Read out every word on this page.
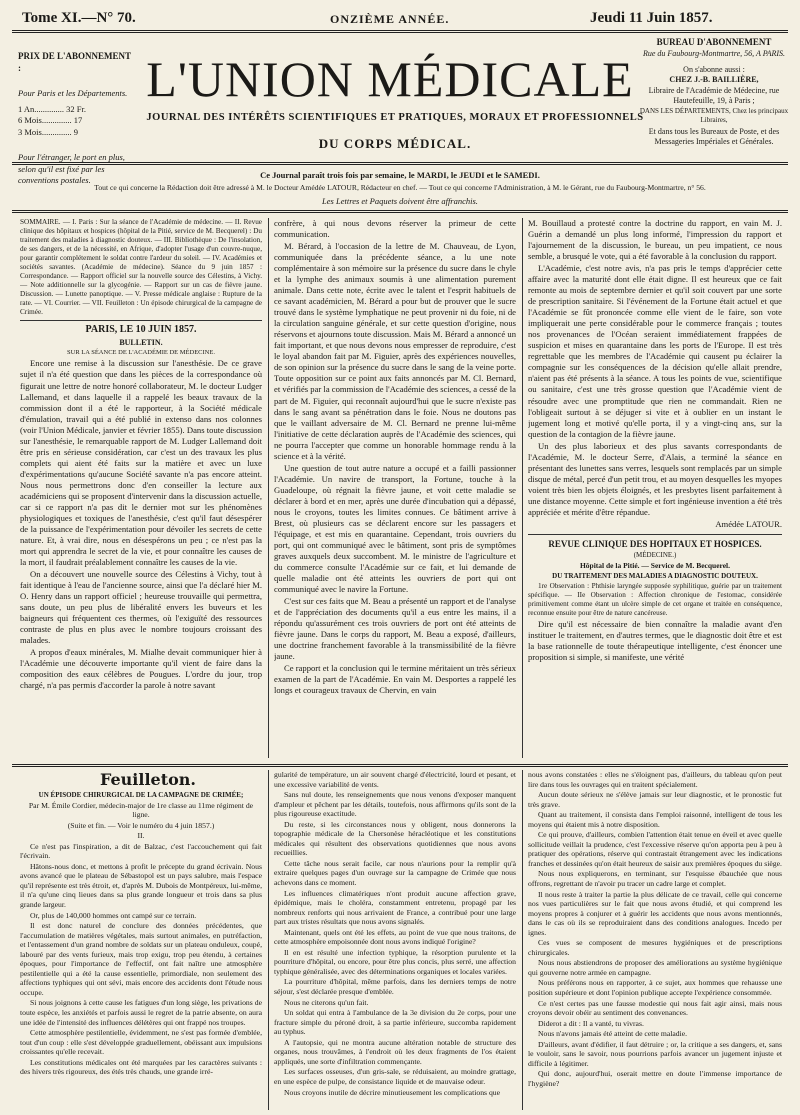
Tome XI.—N° 70.	ONZIÈME ANNÉE.	Jeudi 11 Juin 1857.
PRIX DE L'ABONNEMENT :
Pour Paris et les Départements.
1 An.............. 32 Fr.
6 Mois.............. 17
3 Mois.............. 9
Pour l'étranger, le port en plus, selon qu'il est fixé par les conventions postales.
L'UNION MÉDICALE
JOURNAL DES INTÉRÊTS SCIENTIFIQUES ET PRATIQUES, MORAUX ET PROFESSIONNELS
DU CORPS MÉDICAL.
BUREAU D'ABONNEMENT
Rue du Faubourg-Montmartre, 56, A PARIS.
On s'abonne aussi :
CHEZ J.-B. BAILLIÈRE,
Libraire de l'Académie de Médecine, rue Hautefeuille, 19, à Paris ;
DANS LES DÉPARTEMENTS, Chez les principaux Libraires,
Et dans tous les Bureaux de Poste, et des Messageries Impériales et Générales.
Ce Journal paraît trois fois par semaine, le MARDI, le JEUDI et le SAMEDI.
Tout ce qui concerne la Rédaction doit être adressé à M. le Docteur Amédée LATOUR, Rédacteur en chef. — Tout ce qui concerne l'Administration, à M. le Gérant, rue du Faubourg-Montmartre, n° 56.
Les Lettres et Paquets doivent être affranchis.

SOMMAIRE. — I. Paris : Sur la séance de l'Académie de médecine. — II. Revue clinique des hôpitaux et hospices (hôpital de la Pitié, service de M. Becquerel) : Du traitement des maladies à diagnostic douteux. — III. Bibliothèque : De l'insolation, de ses dangers, et de la nécessité, en Afrique, d'adopter l'usage d'un couvre-nuque, pour garantir complétement le soldat contre l'ardeur du soleil. — IV. Académies et sociétés savantes. (Académie de médecine). Séance du 9 juin 1857 : Correspondance. — Rapport officiel sur la nouvelle source des Célestins, à Vichy. — Note additionnelle sur la glycogénie. — Rapport sur un cas de fièvre jaune. Discussion. — Lunette panoptique. — V. Presse médicale anglaise : Rupture de la rate. — VI. Courrier. — VII. Feuilleton : Un épisode chirurgical de la campagne de Crimée.

PARIS, LE 10 JUIN 1857.

BULLETIN.

SUR LA SÉANCE DE L'ACADÉMIE DE MÉDECINE.

Encore une remise à la discussion sur l'anesthésie. De ce grave sujet il n'a été question que dans les pièces de la correspondance où figurait une lettre de notre honoré collaborateur, M. le docteur Ludger Lallemand, et dans laquelle il a rappelé les beaux travaux de la commission dont il a été le rapporteur, à la Société médicale d'émulation, travail qui a été publié in extenso dans nos colonnes (voir l'Union Médicale, janvier et février 1855). Dans toute discussion sur l'anesthésie, le remarquable rapport de M. Ludger Lallemand doit être pris en sérieuse considération, car c'est un des travaux les plus complets qui aient été faits sur la matière et avec un luxe d'expérimentations qu'aucune Société savante n'a pas encore atteint. Nous nous permettrons donc d'en conseiller la lecture aux académiciens qui se proposent d'intervenir dans la discussion actuelle, car si ce rapport n'a pas dit le dernier mot sur les phénomènes physiologiques et toxiques de l'anesthésie, c'est qu'il faut désespérer de la puissance de l'expérimentation pour dévoiler les secrets de cette nature. Et, à vrai dire, nous en désespérons un peu ; ce n'est pas la mort qui apprendra le secret de la vie, et pour connaître les causes de la mort, il faudrait préalablement connaître les causes de la vie.

On a découvert une nouvelle source des Célestins à Vichy, tout à fait identique à l'eau de l'ancienne source, ainsi que l'a déclaré hier M. O. Henry dans un rapport officiel ; heureuse trouvaille qui permettra, sans doute, un peu plus de libéralité envers les buveurs et les baigneurs qui fréquentent ces thermes, où l'exiguïté des ressources contraste de plus en plus avec le nombre toujours croissant des malades.

A propos d'eaux minérales, M. Mialhe devait communiquer hier à l'Académie une découverte importante qu'il vient de faire dans la composition des eaux célèbres de Pougues. L'ordre du jour, trop chargé, n'a pas permis d'accorder la parole à notre savant

confrère, à qui nous devons réserver la primeur de cette communication.

M. Bérard, à l'occasion de la lettre de M. Chauveau, de Lyon, communiquée dans la précédente séance, a lu une note complémentaire à son mémoire sur la présence du sucre dans le chyle et la lymphe des animaux soumis à une alimentation purement animale. Dans cette note, écrite avec le talent et l'esprit habituels de ce savant académicien, M. Bérard a pour but de prouver que le sucre trouvé dans le système lymphatique ne peut provenir ni du foie, ni de la circulation sanguine générale, et sur cette question d'origine, nous réservons et ajournons toute discussion. Mais M. Bérard a annoncé un fait important, et que nous devons nous empresser de reproduire, c'est le loyal abandon fait par M. Figuier, après des expériences nouvelles, de son opinion sur la présence du sucre dans le sang de la veine porte. Toute opposition sur ce point aux faits annoncés par M. Cl. Bernard, et vérifiés par la commission de l'Académie des sciences, a cessé de la part de M. Figuier, qui reconnaît aujourd'hui que le sucre n'existe pas dans le sang avant sa pénétration dans le foie. Nous ne doutons pas que le vaillant adversaire de M. Cl. Bernard ne prenne lui-même l'initiative de cette déclaration auprès de l'Académie des sciences, qui ne pourra l'accepter que comme un honorable hommage rendu à la science et à la vérité.

Une question de tout autre nature a occupé et a failli passionner l'Académie. Un navire de transport, la Fortune, touche à la Guadeloupe, où régnait la fièvre jaune, et voit cette maladie se déclarer à bord et en mer, après une durée d'incubation qui a dépassé, nous le croyons, toutes les limites connues. Ce bâtiment arrive à Brest, où plusieurs cas se déclarent encore sur les passagers et l'équipage, et est mis en quarantaine. Cependant, trois ouvriers du port, qui ont communiqué avec le bâtiment, sont pris de symptômes graves auxquels deux succombent. M. le ministre de l'agriculture et du commerce consulte l'Académie sur ce fait, et lui demande de quelle maladie ont été atteints les ouvriers de port qui ont communiqué avec le navire la Fortune.

C'est sur ces faits que M. Beau a présenté un rapport et de l'analyse et de l'appréciation des documents qu'il a eus entre les mains, il a répondu qu'assurément ces trois ouvriers de port ont été atteints de fièvre jaune. Dans le corps du rapport, M. Beau a exposé, d'ailleurs, une doctrine franchement favorable à la transmissibilité de la fièvre jaune.

Ce rapport et la conclusion qui le termine méritaient un très sérieux examen de la part de l'Académie. En vain M. Desportes a rappelé les longs et courageux travaux de Chervin, en vain

M. Bouillaud a protesté contre la doctrine du rapport, en vain M. J. Guérin a demandé un plus long informé, l'impression du rapport et l'ajournement de la discussion, le bureau, un peu impatient, ce nous semble, a brusqué le vote, qui a été favorable à la conclusion du rapport.

L'Académie, c'est notre avis, n'a pas pris le temps d'apprécier cette affaire avec la maturité dont elle était digne. Il est heureux que ce fait remonte au mois de septembre dernier et qu'il soit couvert par une sorte de prescription sanitaire. Si l'événement de la Fortune était actuel et que l'Académie se fût prononcée comme elle vient de le faire, son vote impliquerait une perte considérable pour le commerce français ; toutes nos provenances de l'Océan seraient immédiatement frappées de suspicion et mises en quarantaine dans les ports de l'Europe. Il est très regrettable que les membres de l'Académie qui causent pu éclairer la compagnie sur les conséquences de la décision qu'elle allait prendre, n'aient pas été présents à la séance. A tous les points de vue, scientifique ou sanitaire, c'est une très grosse question que l'Académie vient de résoudre avec une promptitude que rien ne commandait. Rien ne l'obligeait surtout à se déjuger si vite et à oublier en un instant le jugement long et motivé qu'elle porta, il y a vingt-cinq ans, sur la question de la contagion de la fièvre jaune.

Un des plus laborieux et des plus savants correspondants de l'Académie, M. le docteur Serre, d'Alais, a terminé la séance en présentant des lunettes sans verres, lesquels sont remplacés par un simple disque de métal, percé d'un petit trou, et au moyen desquelles les myopes voient très bien les objets éloignés, et les presbytes lisent parfaitement à une distance moyenne. Cette simple et fort ingénieuse invention a été très appréciée et mérite d'être répandue.

Amédée LATOUR.

REVUE CLINIQUE DES HOPITAUX ET HOSPICES.

(MÉDECINE.)

Hôpital de la Pitié. — Service de M. Becquerel.

DU TRAITEMENT DES MALADIES A DIAGNOSTIC DOUTEUX.

1re Observation : Phthisie laryngée supposée syphilitique, guérie par un traitement spécifique. — IIe Observation : Affection chronique de l'estomac, considérée primitivement comme étant un ulcère simple de cet organe et traitée en conséquence, reconnue ensuite pour être de nature cancéreuse.

Dire qu'il est nécessaire de bien connaître la maladie avant d'en instituer le traitement, en d'autres termes, que le diagnostic doit être et est la base rationnelle de toute thérapeutique intelligente, c'est énoncer une proposition si simple, si manifeste, une vérité

Feuilleton.

UN ÉPISODE CHIRURGICAL DE LA CAMPAGNE DE CRIMÉE;

Par M. Émile Cordier, médecin-major de 1re classe au 11me régiment de ligne.

(Suite et fin. — Voir le numéro du 4 juin 1857.)

II.

Ce n'est pas l'inspiration, a dit de Balzac, c'est l'accouchement qui fait l'écrivain.

Hâtons-nous donc, et mettons à profit le précepte du grand écrivain. Nous avons avancé que le plateau de Sébastopol est un pays salubre, mais l'espace qu'il représente est très étroit, et, d'après M. Dubois de Montpéreux, lui-même, il n'a qu'une cinq lieues dans sa plus grande longueur et trois dans sa plus grande largeur.

Or, plus de 140,000 hommes ont campé sur ce terrain.

Il est donc naturel de conclure des données précédentes, que l'accumulation de matières végétales, mais surtout animales, en putréfaction, et l'entassement d'un grand nombre de soldats sur un plateau onduleux, coupé, labouré par des vents furieux, mais trop exigu, trop peu étendu, à certaines époques, pour l'importance de l'effectif, ont fait naître une atmosphère pestilentielle qui a été la cause essentielle, primordiale, non seulement des affections typhiques qui ont sévi, mais encore des accidents dont l'étude nous occupe.

Si nous joignons à cette cause les fatigues d'un long siège, les privations de toute espèce, les anxiétés et parfois aussi le regret de la patrie absente, on aura une idée de l'intensité des influences délétères qui ont frappé nos troupes.

Cette atmosphère pestilentielle, évidemment, ne s'est pas formée d'emblée, tout d'un coup : elle s'est développée graduellement, obéissant aux impulsions croissantes qu'elle recevait.

Les constitutions médicales ont été marquées par les caractères suivants : des hivers très rigoureux, des étés très chauds, une grande irré-

gularité de température, un air souvent chargé d'électricité, lourd et pesant, et une excessive variabilité de vents.

Sans nul doute, les renseignements que nous venons d'exposer manquent d'ampleur et pêchent par les détails, toutefois, nous affirmons qu'ils sont de la plus rigoureuse exactitude.

Du reste, si les circonstances nous y obligent, nous donnerons la topographie médicale de la Chersonèse héracléotique et les constitutions médicales qui résultent des observations quotidiennes que nous avons recueillies.

Cette tâche nous serait facile, car nous n'aurions pour la remplir qu'à extraire quelques pages d'un ouvrage sur la campagne de Crimée que nous achevons dans ce moment.

Les influences climatériques n'ont produit aucune affection grave, épidémique, mais le choléra, constamment entretenu, propagé par les nombreux renforts qui nous arrivaient de France, a contribué pour une large part aux tristes résultats que nous avons signalés.

Maintenant, quels ont été les effets, au point de vue que nous traitons, de cette atmosphère empoisonnée dont nous avons indiqué l'origine?

Il en est résulté une infection typhique, la résorption purulente et la pourriture d'hôpital, ou encore, pour être plus concis, plus serré, une affection typhique généralisée, avec des déterminations organiques et locales variées.

La pourriture d'hôpital, même parfois, dans les derniers temps de notre séjour, s'est déclarée presque d'emblée.

Nous ne citerons qu'un fait.

Un soldat qui entra à l'ambulance de la 3e division du 2e corps, pour une fracture simple du péroné droit, à sa partie inférieure, succomba rapidement au typhus.

A l'autopsie, qui ne montra aucune altération notable de structure des organes, nous trouvâmes, à l'endroit où les deux fragments de l'os étaient appliqués, une sorte d'infiltration commençante.

Les surfaces osseuses, d'un gris-sale, se réduisaient, au moindre grattage, en une espèce de pulpe, de consistance liquide et de mauvaise odeur.

Nous croyons inutile de décrire minutieusement les complications que

nous avons constatées : elles ne s'éloignent pas, d'ailleurs, du tableau qu'on peut lire dans tous les ouvrages qui en traitent spécialement.

Aucun doute sérieux ne s'élève jamais sur leur diagnostic, et le pronostic fut très grave.

Quant au traitement, il consista dans l'emploi raisonné, intelligent de tous les moyens qui étaient mis à notre disposition.

Ce qui prouve, d'ailleurs, combien l'attention était tenue en éveil et avec quelle sollicitude veillait la prudence, c'est l'excessive réserve qu'on apporta peu à peu à pratiquer des opérations, réserve qui contrastait étrangement avec les indications franches et dessinées qu'on était heureux de saisir aux premières époques du siège.

Nous nous expliquerons, en terminant, sur l'esquisse ébauchée que nous offrons, regrettant de n'avoir pu tracer un cadre large et complet.

Il nous reste à traiter la partie la plus délicate de ce travail, celle qui concerne nos vues particulières sur le fait que nous avons étudié, et qui comprend les moyens propres à conjurer et à guérir les accidents que nous avons mentionnés, dans le cas où ils se reproduiraient dans des conditions analogues. Incedo per ignes.

Ces vues se composent de mesures hygiéniques et de prescriptions chirurgicales.

Nous nous abstiendrons de proposer des améliorations au système hygiénique qui gouverne notre armée en campagne.

Nous préférons nous en rapporter, à ce sujet, aux hommes que rehausse une position supérieure et dont l'opinion publique accepte l'expérience consommée.

Ce n'est certes pas une fausse modestie qui nous fait agir ainsi, mais nous croyons devoir obéir au sentiment des convenances.

Diderot a dit : Il a vanté, tu vivras.

Nous n'avons jamais été atteint de cette maladie.

D'ailleurs, avant d'édifier, il faut détruire ; or, la critique a ses dangers, et, sans le vouloir, sans le savoir, nous pourrions parfois avancer un jugement injuste et difficile à légitimer.

Qui donc, aujourd'hui, oserait mettre en doute l'immense importance de l'hygiène?
